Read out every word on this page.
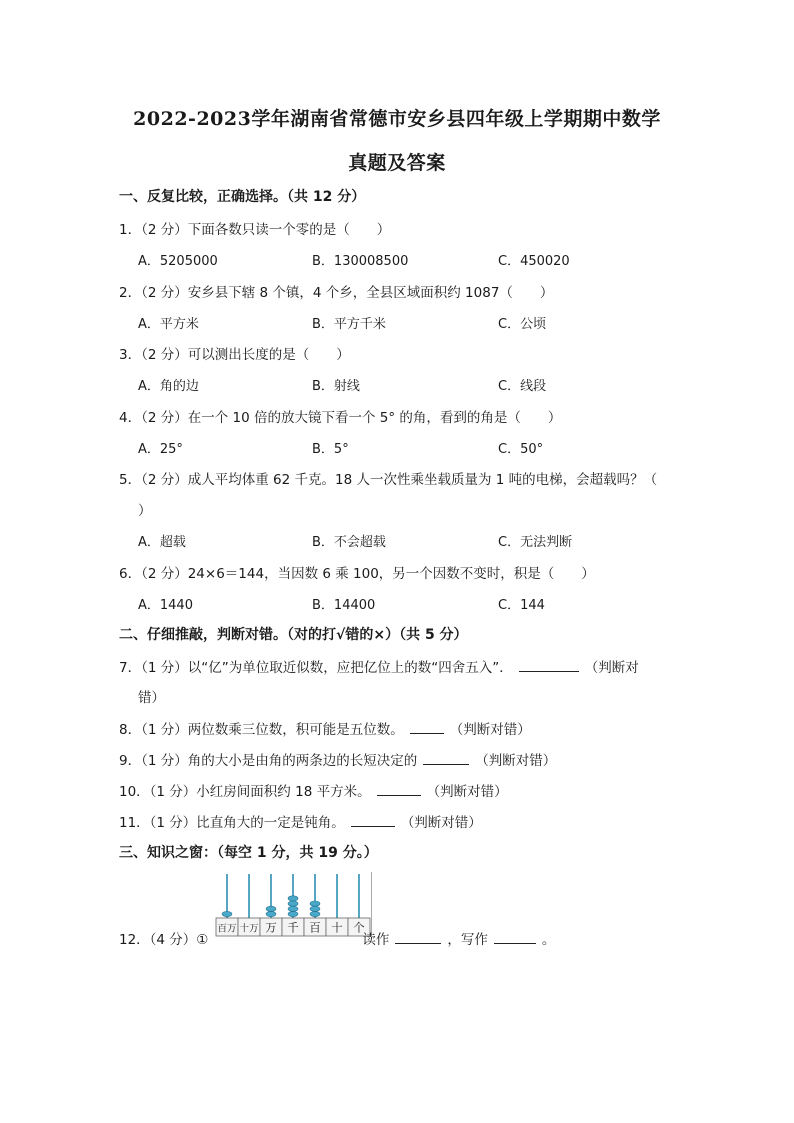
2022-2023学年湖南省常德市安乡县四年级上学期期中数学
真题及答案
一、反复比较，正确选择。（共 12 分）
1．（2 分）下面各数只读一个零的是（　　）
A．5205000	B．130008500	C．450020
2．（2 分）安乡县下辖 8 个镇，4 个乡，全县区域面积约 1087（　　）
A．平方米	B．平方千米	C．公顷
3．（2 分）可以测出长度的是（　　）
A．角的边	B．射线	C．线段
4．（2 分）在一个 10 倍的放大镜下看一个 5° 的角，看到的角是（　　）
A．25°	B．5°	C．50°
5．（2 分）成人平均体重 62 千克。18 人一次性乘坐载质量为 1 吨的电梯，会超载吗？（
）
A．超载	B．不会超载	C．无法判断
6．（2 分）24×6＝144，当因数 6 乘 100，另一个因数不变时，积是（　　）
A．1440	B．14400	C．144
二、仔细推敲，判断对错。（对的打√错的×）（共 5 分）
7．（1 分）以“亿”为单位取近似数，应把亿位上的数“四舍五入”．	（判断对
错）
8．（1 分）两位数乘三位数，积可能是五位数。	（判断对错）
9．（1 分）角的大小是由角的两条边的长短决定的	（判断对错）
10．（1 分）小红房间面积约 18 平方米。	（判断对错）
11．（1 分）比直角大的一定是钝角。	（判断对错）
三、知识之窗：（每空 1 分，共 19 分。）
百万 十万 万 千 百 十 个
12．（4 分）①	读作	，写作	。
